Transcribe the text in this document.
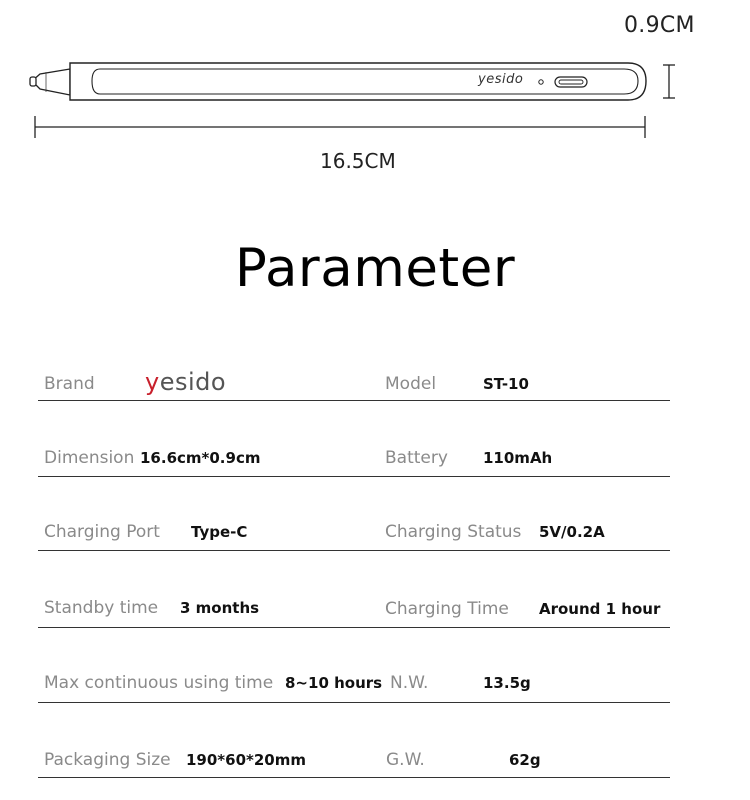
0.9CM
yesido
16.5CM
Parameter
Brand yesido	Model	ST-10
Dimension 16.6cm*0.9cm	Battery 110mAh
Charging Port Type-C	Charging Status 5V/0.2A
Standby time 3 months	Charging Time Around 1 hour
Max continuous using time 8~10 hours N.W.	13.5g
Packaging Size 190*60*20mm	G.W.	62g
